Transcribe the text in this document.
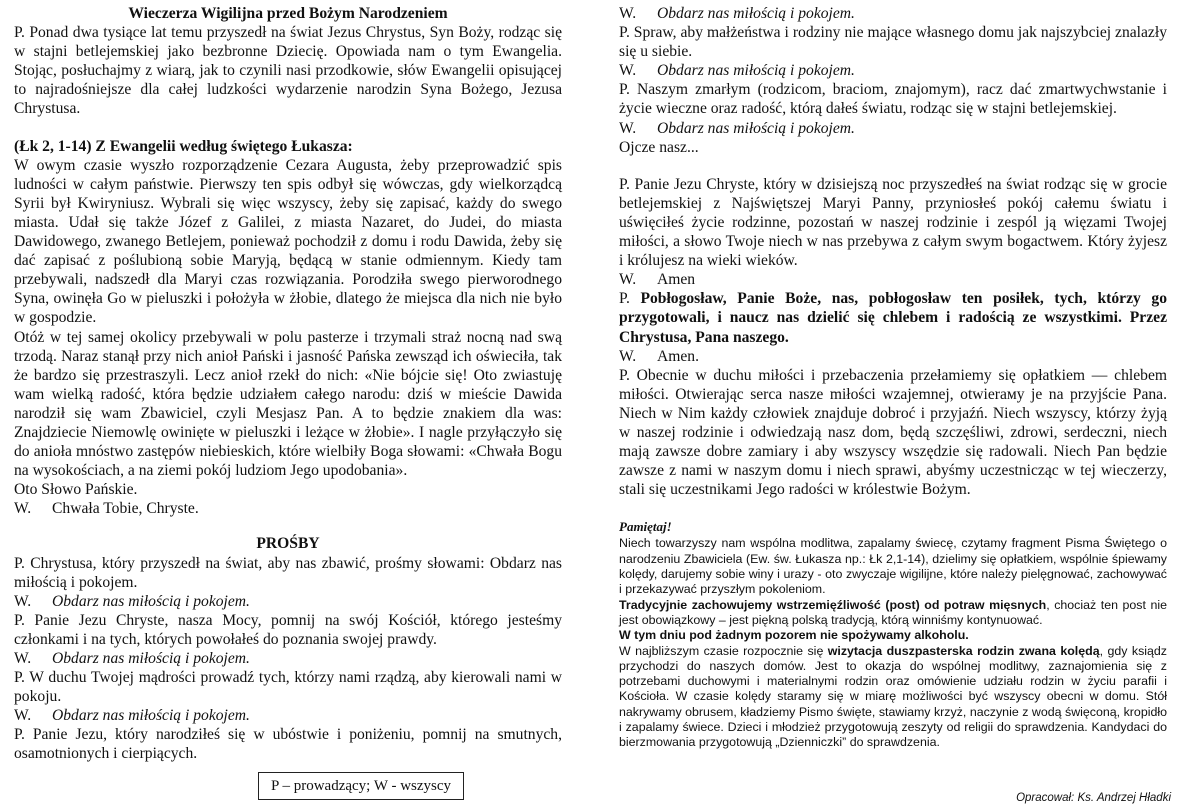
Wieczerza Wigilijna przed Bożym Narodzeniem

P. Ponad dwa tysiące lat temu przyszedł na świat Jezus Chrystus, Syn Boży, rodząc się w stajni betlejemskiej jako bezbronne Dziecię. Opowiada nam o tym Ewangelia. Stojąc, posłuchajmy z wiarą, jak to czynili nasi przodkowie, słów Ewangelii opisującej to najradośniejsze dla całej ludzkości wydarzenie narodzin Syna Bożego, Jezusa Chrystusa.

(Łk 2, 1-14) Z Ewangelii według świętego Łukasza:

W owym czasie wyszło rozporządzenie Cezara Augusta, żeby przeprowadzić spis ludności w całym państwie. Pierwszy ten spis odbył się wówczas, gdy wielkorządcą Syrii był Kwiryniusz. Wybrali się więc wszyscy, żeby się zapisać, każdy do swego miasta. Udał się także Józef z Galilei, z miasta Nazaret, do Judei, do miasta Dawidowego, zwanego Betlejem, ponieważ pochodził z domu i rodu Dawida, żeby się dać zapisać z poślubioną sobie Maryją, będącą w stanie odmiennym. Kiedy tam przebywali, nadszedł dla Maryi czas rozwiązania. Porodziła swego pierworodnego Syna, owinęła Go w pieluszki i położyła w żłobie, dlatego że miejsca dla nich nie było w gospodzie.

Otóż w tej samej okolicy przebywali w polu pasterze i trzymali straż nocną nad swą trzodą. Naraz stanął przy nich anioł Pański i jasność Pańska zewsząd ich oświeciła, tak że bardzo się przestraszyli. Lecz anioł rzekł do nich: «Nie bójcie się! Oto zwiastuję wam wielką radość, która będzie udziałem całego narodu: dziś w mieście Dawida narodził się wam Zbawiciel, czyli Mesjasz Pan. A to będzie znakiem dla was: Znajdziecie Niemowlę owinięte w pieluszki i leżące w żłobie». I nagle przyłączyło się do anioła mnóstwo zastępów niebieskich, które wielbiły Boga słowami: «Chwała Bogu na wysokościach, a na ziemi pokój ludziom Jego upodobania».

Oto Słowo Pańskie.

W. Chwała Tobie, Chryste.

PROŚBY

P. Chrystusa, który przyszedł na świat, aby nas zbawić, prośmy słowami: Obdarz nas miłością i pokojem.

W. Obdarz nas miłością i pokojem.

P. Panie Jezu Chryste, nasza Mocy, pomnij na swój Kościół, którego jesteśmy członkami i na tych, których powołałeś do poznania swojej prawdy.

W. Obdarz nas miłością i pokojem.

P. W duchu Twojej mądrości prowadź tych, którzy nami rządzą, aby kierowali nami w pokoju.

W. Obdarz nas miłością i pokojem.

P. Panie Jezu, który narodziłeś się w ubóstwie i poniżeniu, pomnij na smutnych, osamotnionych i cierpiących.

P – prowadzący; W - wszyscy

W. Obdarz nas miłością i pokojem.

P. Spraw, aby małżeństwa i rodziny nie mające własnego domu jak najszybciej znalazły się u siebie.

W. Obdarz nas miłością i pokojem.

P. Naszym zmarłym (rodzicom, braciom, znajomym), racz dać zmartwychwstanie i życie wieczne oraz radość, którą dałeś światu, rodząc się w stajni betlejemskiej.

W. Obdarz nas miłością i pokojem.

Ojcze nasz...

P. Panie Jezu Chryste, który w dzisiejszą noc przyszedłeś na świat rodząc się w grocie betlejemskiej z Najświętszej Maryi Panny, przyniosłeś pokój całemu światu i uświęciłeś życie rodzinne, pozostań w naszej rodzinie i zespól ją więzami Twojej miłości, a słowo Twoje niech w nas przebywa z całym swym bogactwem. Który żyjesz i królujesz na wieki wieków.

W. Amen

P. Pobłogosław, Panie Boże, nas, pobłogosław ten posiłek, tych, którzy go przygotowali, i naucz nas dzielić się chlebem i radością ze wszystkimi. Przez Chrystusa, Pana naszego.

W. Amen.

P. Obecnie w duchu miłości i przebaczenia przełamiemy się opłatkiem — chlebem miłości. Otwierając serca nasze miłości wzajemnej, otwierамy je na przyjście Pana. Niech w Nim każdy człowiek znajduje dobroć i przyjaźń. Niech wszyscy, którzy żyją w naszej rodzinie i odwiedzają nasz dom, będą szczęśliwi, zdrowi, serdeczni, niech mają zawsze dobre zamiary i aby wszyscy wszędzie się radowali. Niech Pan będzie zawsze z nami w naszym domu i niech sprawi, abyśmy uczestnicząc w tej wieczerzy, stali się uczestnikami Jego radości w królestwie Bożym.

Pamiętaj!

Niech towarzyszy nam wspólna modlitwa, zapalamy świecę, czytamy fragment Pisma Świętego o narodzeniu Zbawiciela (Ew. św. Łukasza np.: Łk 2,1-14), dzielimy się opłatkiem, wspólnie śpiewamy kolędy, darujemy sobie winy i urazy - oto zwyczaje wigilijne, które należy pielęgnować, zachowywać i przekazywać przyszłym pokoleniom.

Tradycyjnie zachowujemy wstrzemięźliwość (post) od potraw mięsnych, chociaż ten post nie jest obowiązkowy – jest piękną polską tradycją, którą winniśmy kontynuować.

W tym dniu pod żadnym pozorem nie spożywamy alkoholu.

W najbliższym czasie rozpocznie się wizytacja duszpasterska rodzin zwana kolędą, gdy ksiądz przychodzi do naszych domów. Jest to okazja do wspólnej modlitwy, zaznajomienia się z potrzebami duchowymi i materialnymi rodzin oraz omówienie udziału rodzin w życiu parafii i Kościoła. W czasie kolędy staramy się w miarę możliwości być wszyscy obecni w domu. Stół nakrywamy obrusem, kładziemy Pismo święte, stawiamy krzyż, naczynie z wodą święconą, kropidło i zapalamy świece. Dzieci i młodzież przygotowują zeszyty od religii do sprawdzenia. Kandydaci do bierzmowania przygotowują „Dzienniczki” do sprawdzenia.

Opracował: Ks. Andrzej Hładki
